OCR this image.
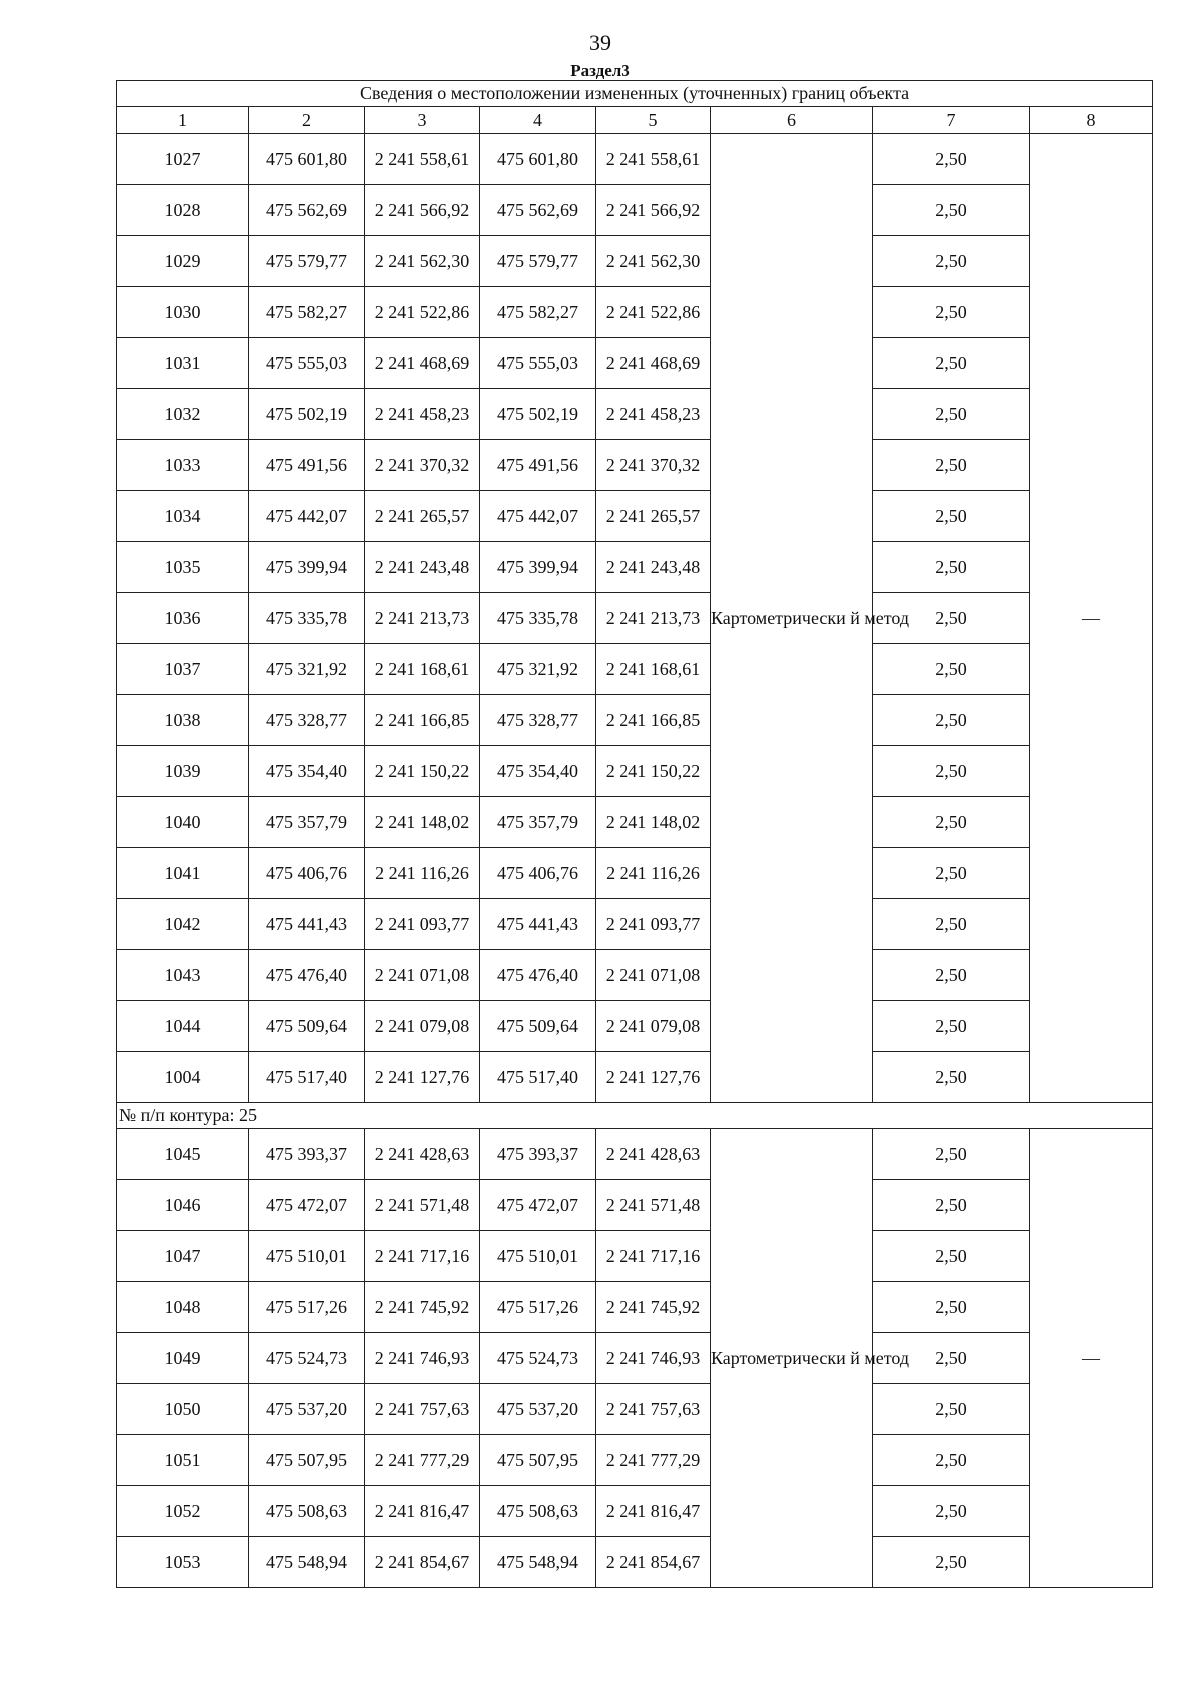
39
Раздел3
Сведения о местоположении измененных (уточненных) границ объекта							
1	2	3	4	5	6	7	8
1027	475 601,80	2 241 558,61	475 601,80	2 241 558,61	Картометрически й метод	2,50	—
1028	475 562,69	2 241 566,92	475 562,69	2 241 566,92		2,50	
1029	475 579,77	2 241 562,30	475 579,77	2 241 562,30		2,50	
1030	475 582,27	2 241 522,86	475 582,27	2 241 522,86		2,50	
1031	475 555,03	2 241 468,69	475 555,03	2 241 468,69		2,50	
1032	475 502,19	2 241 458,23	475 502,19	2 241 458,23		2,50	
1033	475 491,56	2 241 370,32	475 491,56	2 241 370,32		2,50	
1034	475 442,07	2 241 265,57	475 442,07	2 241 265,57		2,50	
1035	475 399,94	2 241 243,48	475 399,94	2 241 243,48		2,50	
1036	475 335,78	2 241 213,73	475 335,78	2 241 213,73		2,50	
1037	475 321,92	2 241 168,61	475 321,92	2 241 168,61		2,50	
1038	475 328,77	2 241 166,85	475 328,77	2 241 166,85		2,50	
1039	475 354,40	2 241 150,22	475 354,40	2 241 150,22		2,50	
1040	475 357,79	2 241 148,02	475 357,79	2 241 148,02		2,50	
1041	475 406,76	2 241 116,26	475 406,76	2 241 116,26		2,50	
1042	475 441,43	2 241 093,77	475 441,43	2 241 093,77		2,50	
1043	475 476,40	2 241 071,08	475 476,40	2 241 071,08		2,50	
1044	475 509,64	2 241 079,08	475 509,64	2 241 079,08		2,50	
1004	475 517,40	2 241 127,76	475 517,40	2 241 127,76		2,50	
№ п/п контура: 25							
1045	475 393,37	2 241 428,63	475 393,37	2 241 428,63	Картометрически й метод	2,50	—
1046	475 472,07	2 241 571,48	475 472,07	2 241 571,48		2,50	
1047	475 510,01	2 241 717,16	475 510,01	2 241 717,16		2,50	
1048	475 517,26	2 241 745,92	475 517,26	2 241 745,92		2,50	
1049	475 524,73	2 241 746,93	475 524,73	2 241 746,93		2,50	
1050	475 537,20	2 241 757,63	475 537,20	2 241 757,63		2,50	
1051	475 507,95	2 241 777,29	475 507,95	2 241 777,29		2,50	
1052	475 508,63	2 241 816,47	475 508,63	2 241 816,47		2,50	
1053	475 548,94	2 241 854,67	475 548,94	2 241 854,67		2,50	
